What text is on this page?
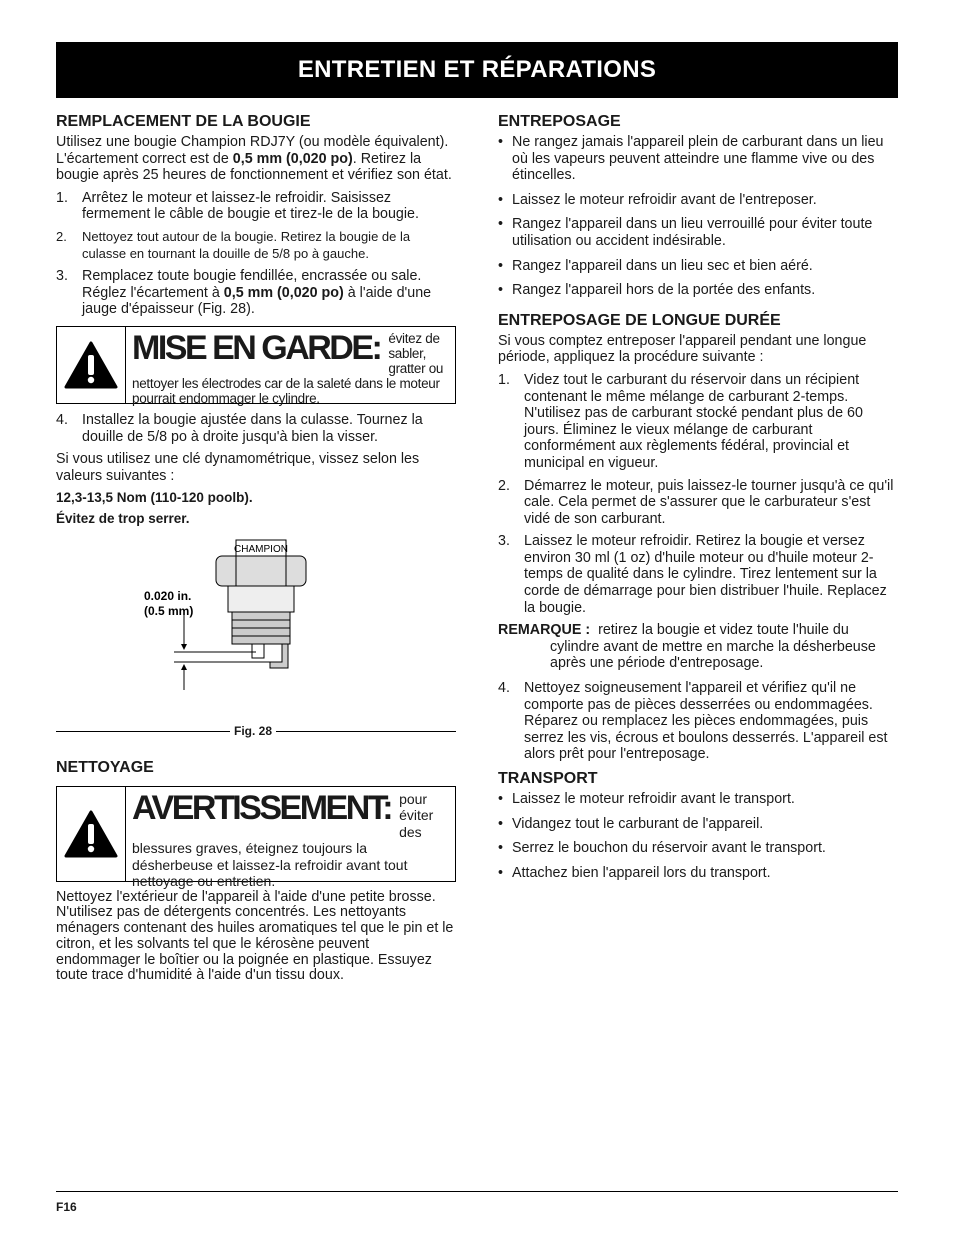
ENTRETIEN ET RÉPARATIONS
REMPLACEMENT DE LA BOUGIE

Utilisez une bougie Champion RDJ7Y (ou modèle équivalent). L'écartement correct est de 0,5 mm (0,020 po). Retirez la bougie après 25 heures de fonctionnement et vérifiez son état.

1. Arrêtez le moteur et laissez-le refroidir. Saisissez fermement le câble de bougie et tirez-le de la bougie.
2. Nettoyez tout autour de la bougie. Retirez la bougie de la culasse en tournant la douille de 5/8 po à gauche.
3. Remplacez toute bougie fendillée, encrassée ou sale. Réglez l'écartement à 0,5 mm (0,020 po) à l'aide d'une jauge d'épaisseur (Fig. 28).
MISE EN GARDE: évitez de sabler, gratter ou nettoyer les électrodes car de la saleté dans le moteur pourrait endommager le cylindre.
4. Installez la bougie ajustée dans la culasse. Tournez la douille de 5/8 po à droite jusqu'à bien la visser.

Si vous utilisez une clé dynamométrique, vissez selon les valeurs suivantes :

12,3-13,5 Nom (110-120 poolb).

Évitez de trop serrer.

CHAMPION
0.020 in.
(0.5 mm)
Fig. 28
NETTOYAGE
AVERTISSEMENT: pour éviter des blessures graves, éteignez toujours la désherbeuse et laissez-la refroidir avant tout nettoyage ou entretien.

Nettoyez l'extérieur de l'appareil à l'aide d'une petite brosse. N'utilisez pas de détergents concentrés. Les nettoyants ménagers contenant des huiles aromatiques tel que le pin et le citron, et les solvants tel que le kérosène peuvent endommager le boîtier ou la poignée en plastique. Essuyez toute trace d'humidité à l'aide d'un tissu doux.

ENTREPOSAGE
• Ne rangez jamais l'appareil plein de carburant dans un lieu où les vapeurs peuvent atteindre une flamme vive ou des étincelles.
• Laissez le moteur refroidir avant de l'entreposer.
• Rangez l'appareil dans un lieu verrouillé pour éviter toute utilisation ou accident indésirable.
• Rangez l'appareil dans un lieu sec et bien aéré.
• Rangez l'appareil hors de la portée des enfants.
ENTREPOSAGE DE LONGUE DURÉE

Si vous comptez entreposer l'appareil pendant une longue période, appliquez la procédure suivante :

1. Videz tout le carburant du réservoir dans un récipient contenant le même mélange de carburant 2-temps. N'utilisez pas de carburant stocké pendant plus de 60 jours. Éliminez le vieux mélange de carburant conformément aux règlements fédéral, provincial et municipal en vigueur.
2. Démarrez le moteur, puis laissez-le tourner jusqu'à ce qu'il cale. Cela permet de s'assurer que le carburateur s'est vidé de son carburant.
3. Laissez le moteur refroidir. Retirez la bougie et versez environ 30 ml (1 oz) d'huile moteur ou d'huile moteur 2-temps de qualité dans le cylindre. Tirez lentement sur la corde de démarrage pour bien distribuer l'huile. Replacez la bougie.
REMARQUE : retirez la bougie et videz toute l'huile du cylindre avant de mettre en marche la désherbeuse après une période d'entreposage.
4. Nettoyez soigneusement l'appareil et vérifiez qu'il ne comporte pas de pièces desserrées ou endommagées. Réparez ou remplacez les pièces endommagées, puis serrez les vis, écrous et boulons desserrés. L'appareil est alors prêt pour l'entreposage.
TRANSPORT
• Laissez le moteur refroidir avant le transport.
• Vidangez tout le carburant de l'appareil.
• Serrez le bouchon du réservoir avant le transport.
• Attachez bien l'appareil lors du transport.
F16
